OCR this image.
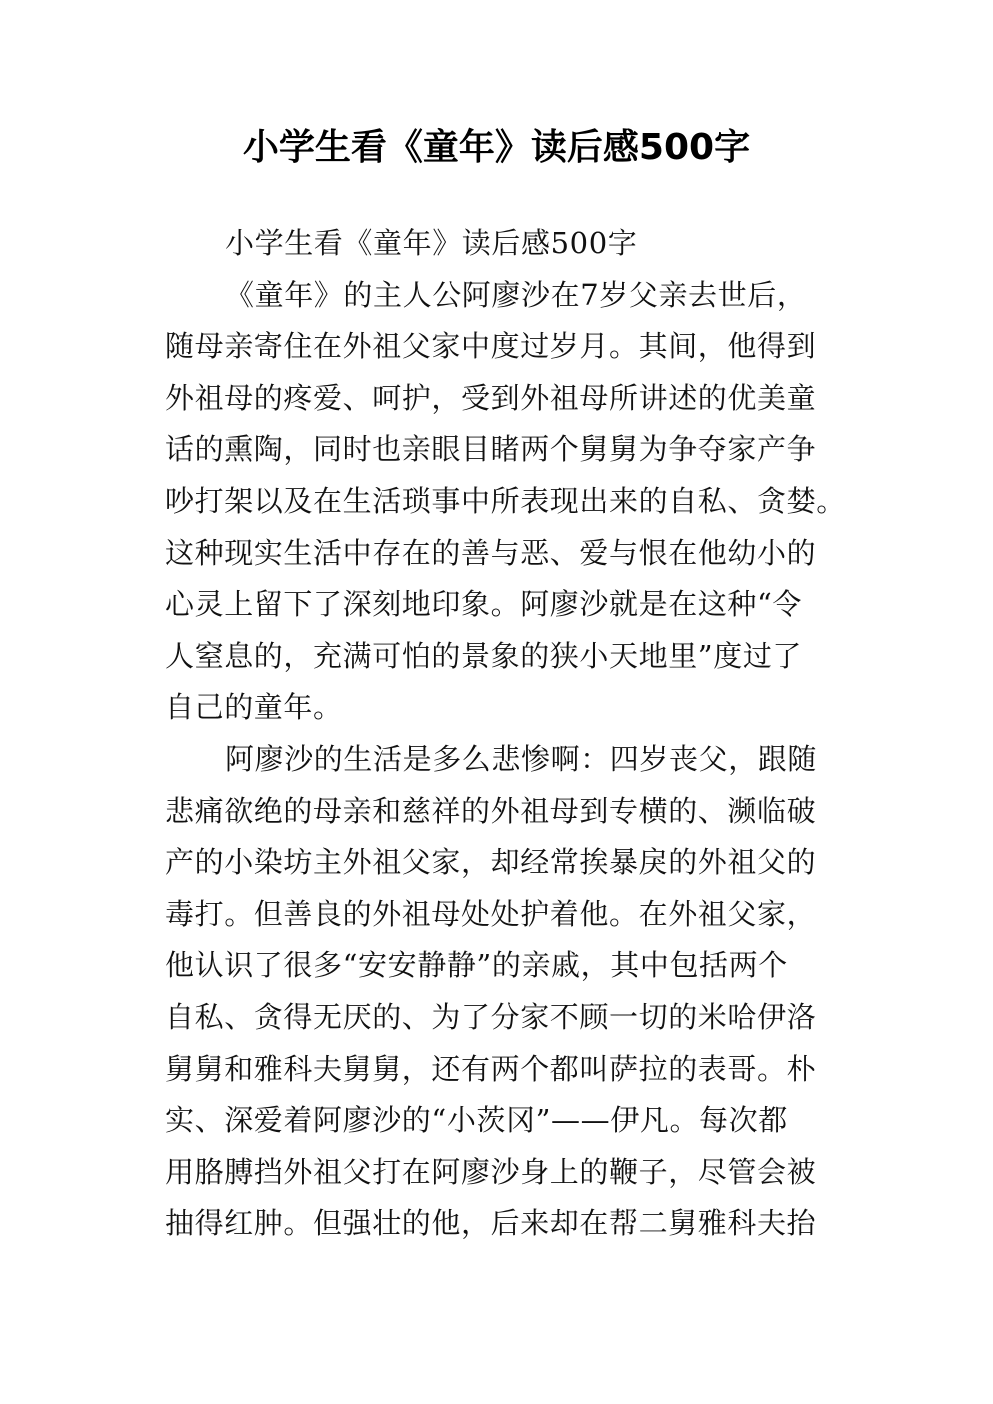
小学生看《童年》读后感500字
小学生看《童年》读后感500字
《童年》的主人公阿廖沙在7岁父亲去世后，
随母亲寄住在外祖父家中度过岁月。其间，他得到
外祖母的疼爱、呵护，受到外祖母所讲述的优美童
话的熏陶，同时也亲眼目睹两个舅舅为争夺家产争
吵打架以及在生活琐事中所表现出来的自私、贪婪。
这种现实生活中存在的善与恶、爱与恨在他幼小的
心灵上留下了深刻地印象。阿廖沙就是在这种“令
人窒息的，充满可怕的景象的狭小天地里”度过了
自己的童年。
阿廖沙的生活是多么悲惨啊：四岁丧父，跟随
悲痛欲绝的母亲和慈祥的外祖母到专横的、濒临破
产的小染坊主外祖父家，却经常挨暴戾的外祖父的
毒打。但善良的外祖母处处护着他。在外祖父家，
他认识了很多“安安静静”的亲戚，其中包括两个
自私、贪得无厌的、为了分家不顾一切的米哈伊洛
舅舅和雅科夫舅舅，还有两个都叫萨拉的表哥。朴
实、深爱着阿廖沙的“小茨冈”——伊凡。每次都
用胳膊挡外祖父打在阿廖沙身上的鞭子，尽管会被
抽得红肿。但强壮的他，后来却在帮二舅雅科夫抬
